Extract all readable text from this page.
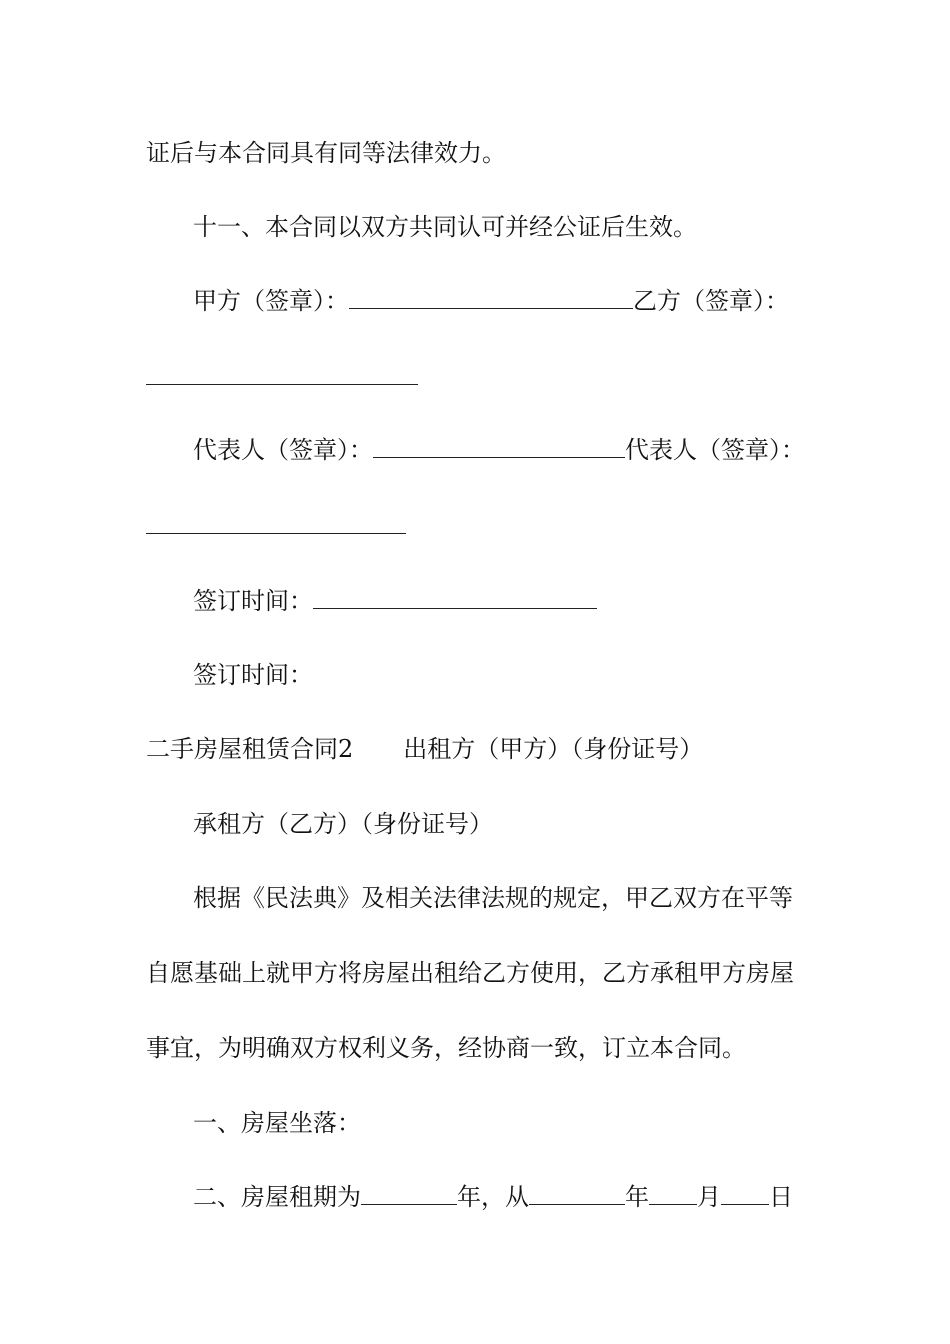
证后与本合同具有同等法律效力。
十一、本合同以双方共同认可并经公证后生效。
甲方（签章）：	乙方（签章）：
代表人（签章）：	代表人（签章）：
签订时间：
签订时间：
二手房屋租赁合同2 出租方（甲方）（身份证号）
承租方（乙方）（身份证号）
根据《民法典》及相关法律法规的规定，甲乙双方在平等
自愿基础上就甲方将房屋出租给乙方使用，乙方承租甲方房屋
事宜，为明确双方权利义务，经协商一致，订立本合同。
一、房屋坐落：
二、房屋租期为	年，从	年 月 日
